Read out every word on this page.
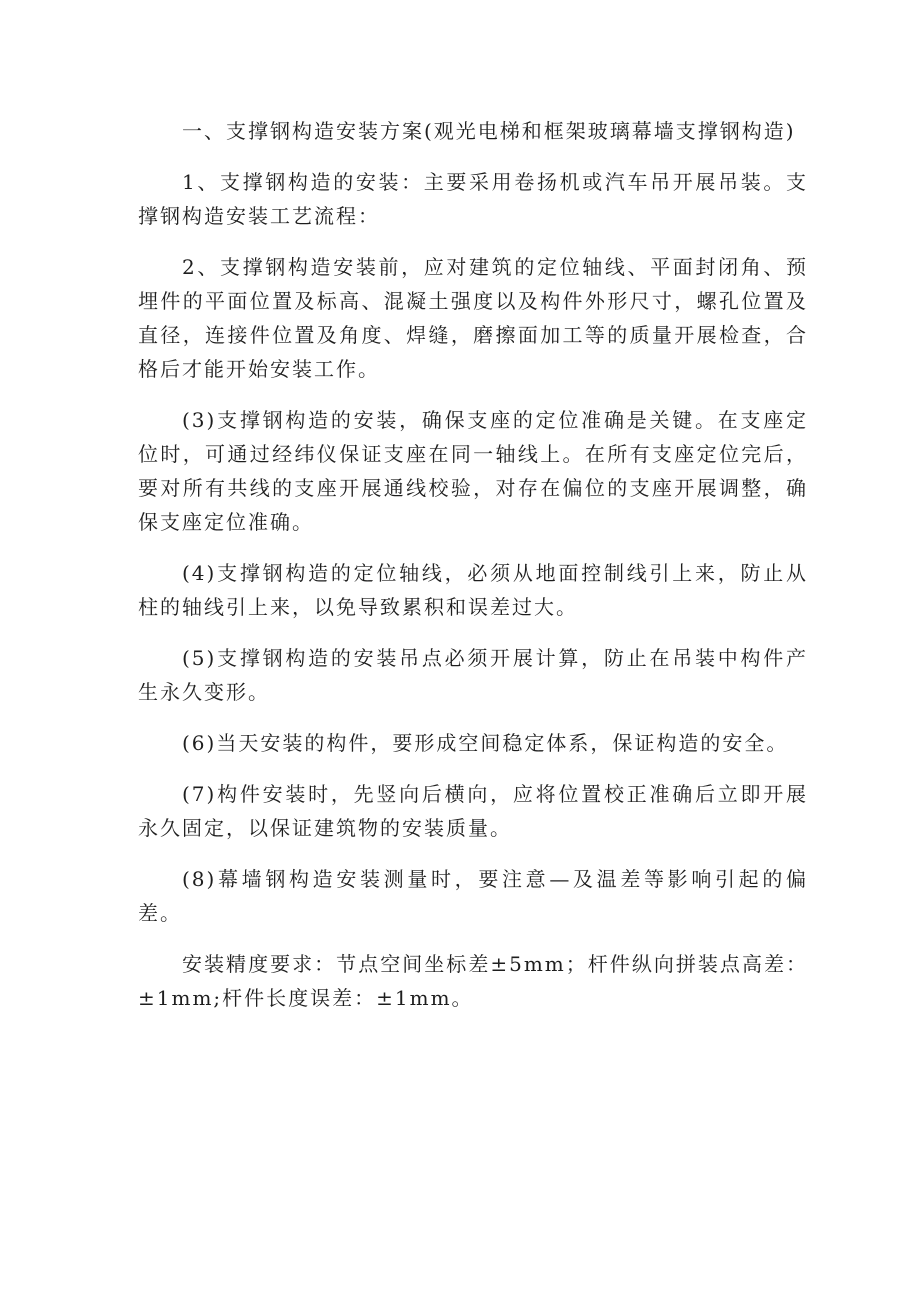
一、支撑钢构造安装方案(观光电梯和框架玻璃幕墙支撑钢构造)

1、支撑钢构造的安装：主要采用卷扬机或汽车吊开展吊装。支撑钢构造安装工艺流程：

2、支撑钢构造安装前，应对建筑的定位轴线、平面封闭角、预埋件的平面位置及标高、混凝土强度以及构件外形尺寸，螺孔位置及直径，连接件位置及角度、焊缝，磨擦面加工等的质量开展检查，合格后才能开始安装工作。

(3)支撑钢构造的安装，确保支座的定位准确是关键。在支座定位时，可通过经纬仪保证支座在同一轴线上。在所有支座定位完后，要对所有共线的支座开展通线校验，对存在偏位的支座开展调整，确保支座定位准确。

(4)支撑钢构造的定位轴线，必须从地面控制线引上来，防止从柱的轴线引上来，以免导致累积和误差过大。

(5)支撑钢构造的安装吊点必须开展计算，防止在吊装中构件产生永久变形。

(6)当天安装的构件，要形成空间稳定体系，保证构造的安全。

(7)构件安装时，先竖向后横向，应将位置校正准确后立即开展永久固定，以保证建筑物的安装质量。

(8)幕墙钢构造安装测量时，要注意—及温差等影响引起的偏差。

安装精度要求：节点空间坐标差±5mm；杆件纵向拼装点高差：±1mm;杆件长度误差：±1mm。
